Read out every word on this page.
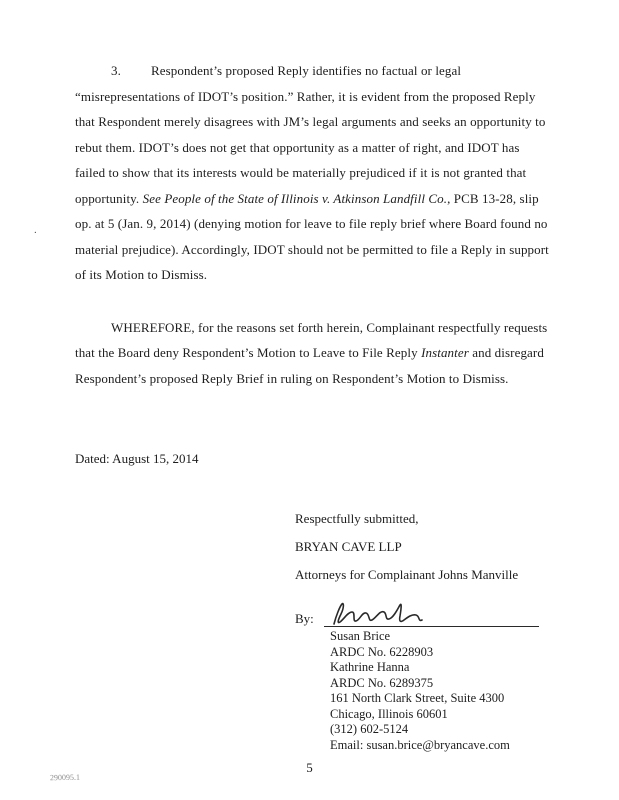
.

3. Respondent’s proposed Reply identifies no factual or legal “misrepresentations of IDOT’s position.” Rather, it is evident from the proposed Reply that Respondent merely disagrees with JM’s legal arguments and seeks an opportunity to rebut them. IDOT’s does not get that opportunity as a matter of right, and IDOT has failed to show that its interests would be materially prejudiced if it is not granted that opportunity. See People of the State of Illinois v. Atkinson Landfill Co., PCB 13-28, slip op. at 5 (Jan. 9, 2014) (denying motion for leave to file reply brief where Board found no material prejudice). Accordingly, IDOT should not be permitted to file a Reply in support of its Motion to Dismiss.

WHEREFORE, for the reasons set forth herein, Complainant respectfully requests that the Board deny Respondent’s Motion to Leave to File Reply Instanter and disregard Respondent’s proposed Reply Brief in ruling on Respondent’s Motion to Dismiss.

Dated: August 15, 2014
Respectfully submitted,
BRYAN CAVE LLP
Attorneys for Complainant Johns Manville
By:
Susan Brice
ARDC No. 6228903
Kathrine Hanna
ARDC No. 6289375
161 North Clark Street, Suite 4300
Chicago, Illinois 60601
(312) 602-5124
Email: susan.brice@bryancave.com
5
290095.1
